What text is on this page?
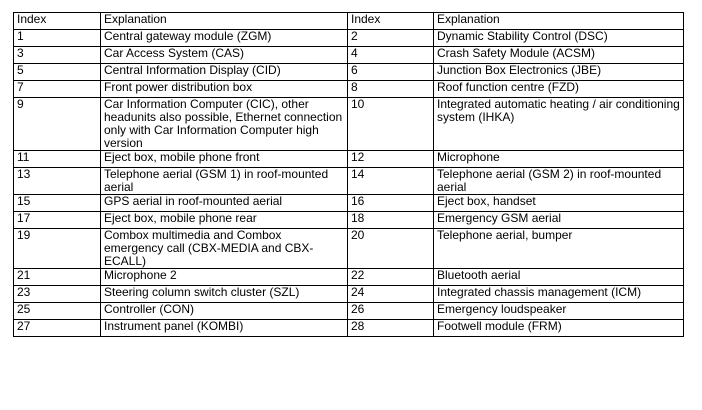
Index	Explanation	Index	Explanation
1	Central gateway module (ZGM)	2	Dynamic Stability Control (DSC)
3	Car Access System (CAS)	4	Crash Safety Module (ACSM)
5	Central Information Display (CID)	6	Junction Box Electronics (JBE)
7	Front power distribution box	8	Roof function centre (FZD)
9	Car Information Computer (CIC), other headunits also possible, Ethernet connection only with Car Information Computer high version	10	Integrated automatic heating / air conditioning system (IHKA)
11	Eject box, mobile phone front	12	Microphone
13	Telephone aerial (GSM 1) in roof-mounted aerial	14	Telephone aerial (GSM 2) in roof-mounted aerial
15	GPS aerial in roof-mounted aerial	16	Eject box, handset
17	Eject box, mobile phone rear	18	Emergency GSM aerial
19	Combox multimedia and Combox emergency call (CBX-MEDIA and CBX-ECALL)	20	Telephone aerial, bumper
21	Microphone 2	22	Bluetooth aerial
23	Steering column switch cluster (SZL)	24	Integrated chassis management (ICM)
25	Controller (CON)	26	Emergency loudspeaker
27	Instrument panel (KOMBI)	28	Footwell module (FRM)
